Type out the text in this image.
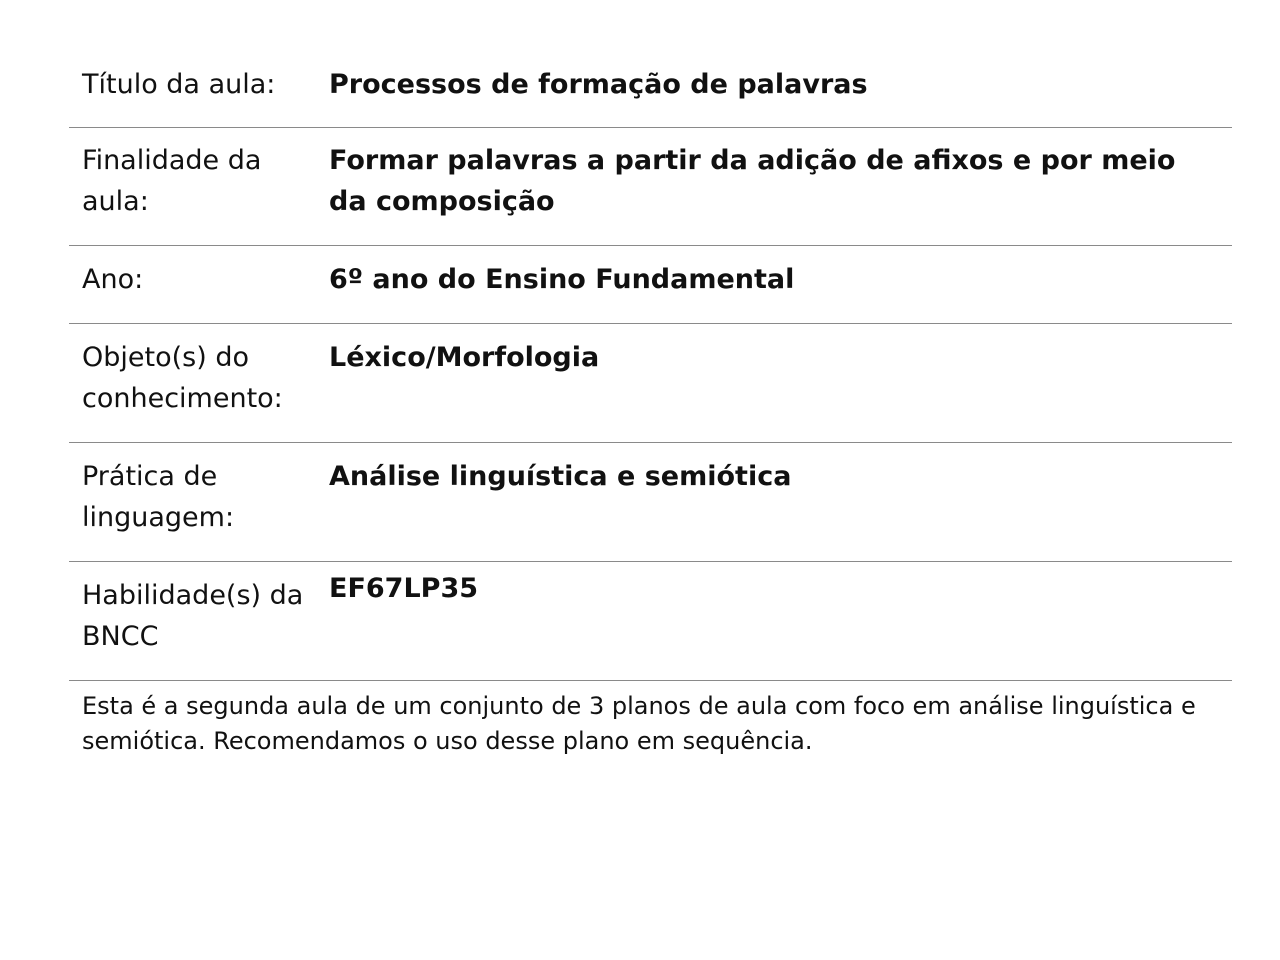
Título da aula:	Processos de formação de palavras
Finalidade da aula:
Formar palavras a partir da adição de afixos e por meio da composição
Ano:	6º ano do Ensino Fundamental
Objeto(s) do conhecimento:
Léxico/Morfologia
Prática de linguagem:
Análise linguística e semiótica
Habilidade(s) da BNCC
EF67LP35
Esta é a segunda aula de um conjunto de 3 planos de aula com foco em análise linguística e semiótica. Recomendamos o uso desse plano em sequência.
